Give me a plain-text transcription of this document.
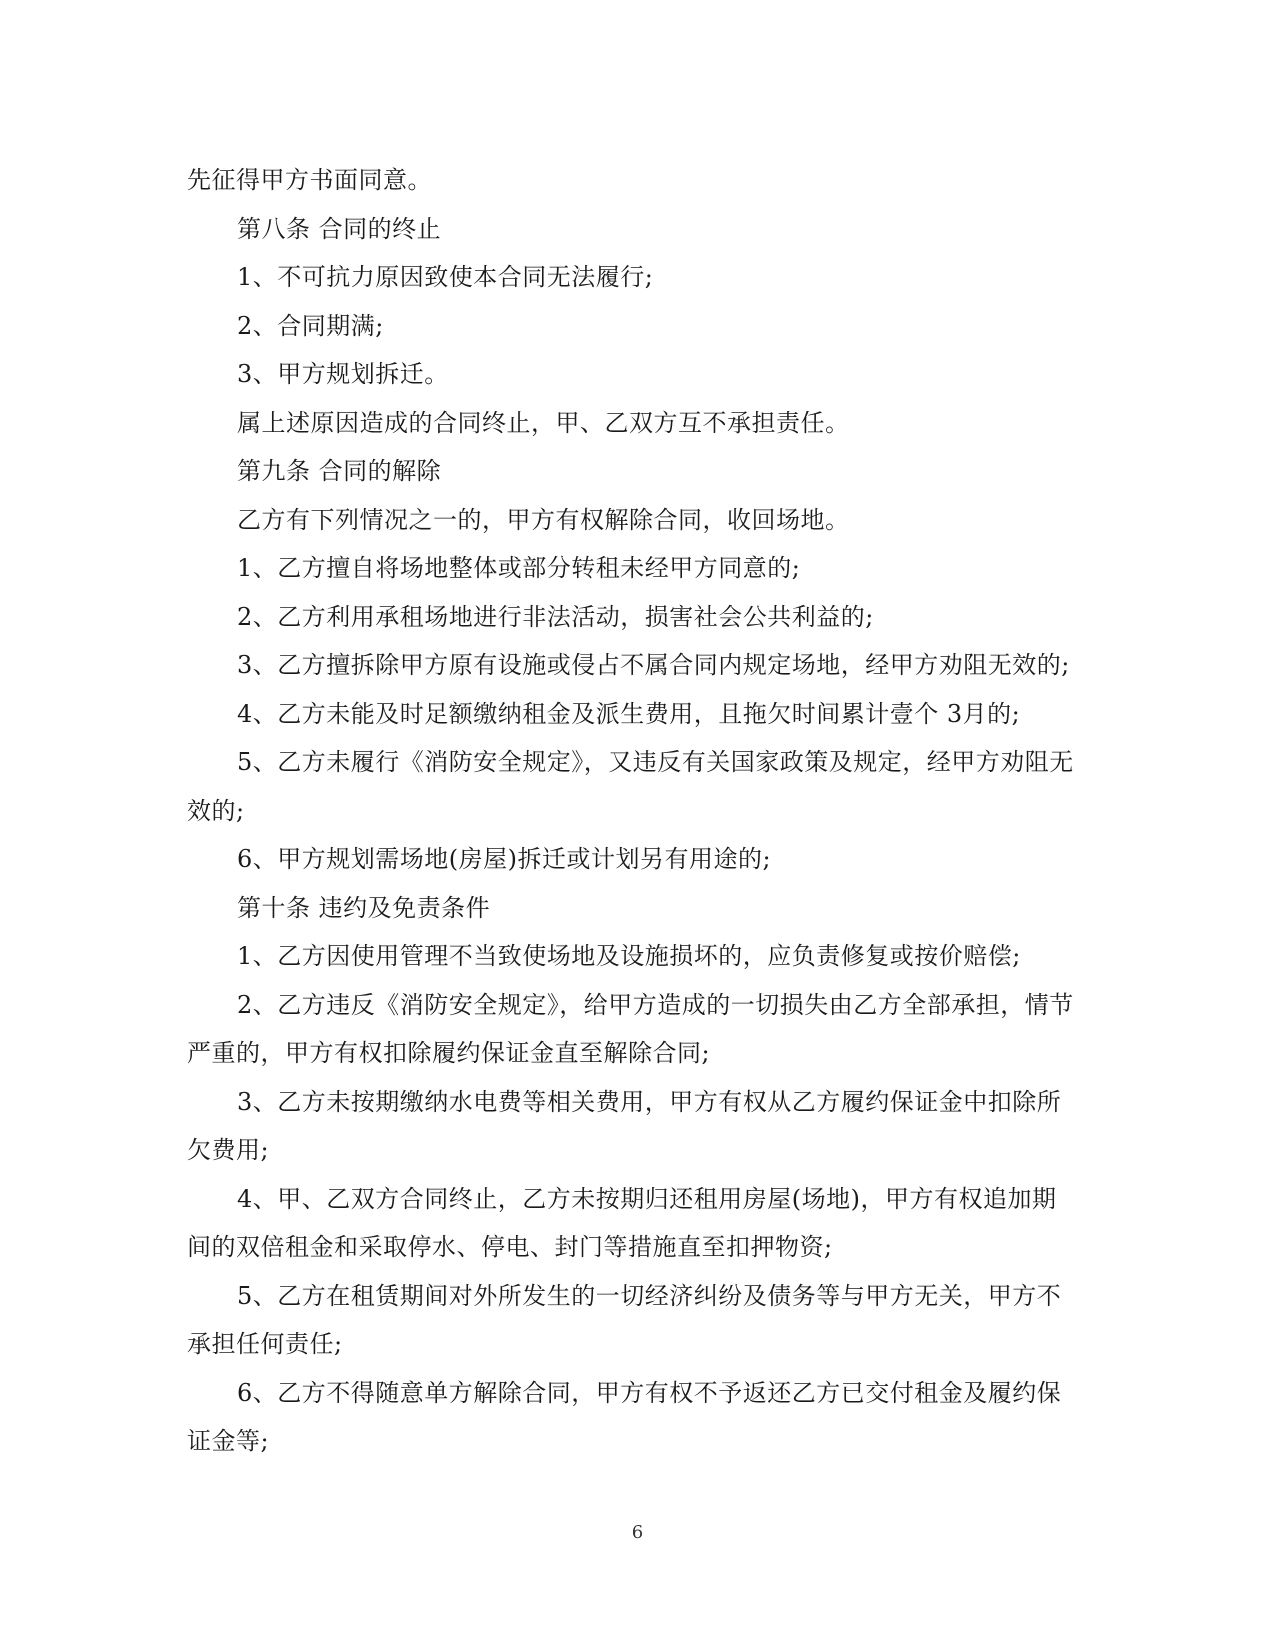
先征得甲方书面同意。

第八条 合同的终止

1、不可抗力原因致使本合同无法履行;

2、合同期满;

3、甲方规划拆迁。

属上述原因造成的合同终止，甲、乙双方互不承担责任。

第九条 合同的解除

乙方有下列情况之一的，甲方有权解除合同，收回场地。

1、乙方擅自将场地整体或部分转租未经甲方同意的;

2、乙方利用承租场地进行非法活动，损害社会公共利益的;

3、乙方擅拆除甲方原有设施或侵占不属合同内规定场地，经甲方劝阻无效的;

4、乙方未能及时足额缴纳租金及派生费用，且拖欠时间累计壹个 3月的;

5、乙方未履行《消防安全规定》，又违反有关国家政策及规定，经甲方劝阻无效的;

6、甲方规划需场地(房屋)拆迁或计划另有用途的;

第十条 违约及免责条件

1、乙方因使用管理不当致使场地及设施损坏的，应负责修复或按价赔偿;

2、乙方违反《消防安全规定》，给甲方造成的一切损失由乙方全部承担，情节严重的，甲方有权扣除履约保证金直至解除合同;

3、乙方未按期缴纳水电费等相关费用，甲方有权从乙方履约保证金中扣除所欠费用;

4、甲、乙双方合同终止，乙方未按期归还租用房屋(场地)，甲方有权追加期间的双倍租金和采取停水、停电、封门等措施直至扣押物资;

5、乙方在租赁期间对外所发生的一切经济纠纷及债务等与甲方无关，甲方不承担任何责任;

6、乙方不得随意单方解除合同，甲方有权不予返还乙方已交付租金及履约保证金等;

6
